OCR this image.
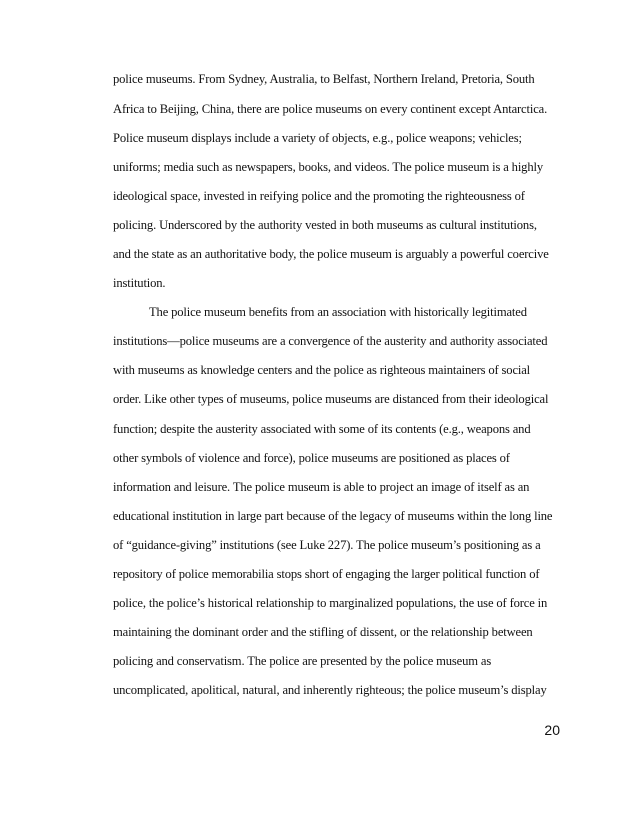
police museums. From Sydney, Australia, to Belfast, Northern Ireland, Pretoria, South
Africa to Beijing, China, there are police museums on every continent except Antarctica.
Police museum displays include a variety of objects, e.g., police weapons; vehicles;
uniforms; media such as newspapers, books, and videos. The police museum is a highly
ideological space, invested in reifying police and the promoting the righteousness of
policing. Underscored by the authority vested in both museums as cultural institutions,
and the state as an authoritative body, the police museum is arguably a powerful coercive
institution.
The police museum benefits from an association with historically legitimated
institutions—police museums are a convergence of the austerity and authority associated
with museums as knowledge centers and the police as righteous maintainers of social
order. Like other types of museums, police museums are distanced from their ideological
function; despite the austerity associated with some of its contents (e.g., weapons and
other symbols of violence and force), police museums are positioned as places of
information and leisure. The police museum is able to project an image of itself as an
educational institution in large part because of the legacy of museums within the long line
of “guidance-giving” institutions (see Luke 227). The police museum’s positioning as a
repository of police memorabilia stops short of engaging the larger political function of
police, the police’s historical relationship to marginalized populations, the use of force in
maintaining the dominant order and the stifling of dissent, or the relationship between
policing and conservatism. The police are presented by the police museum as
uncomplicated, apolitical, natural, and inherently righteous; the police museum’s display
20
